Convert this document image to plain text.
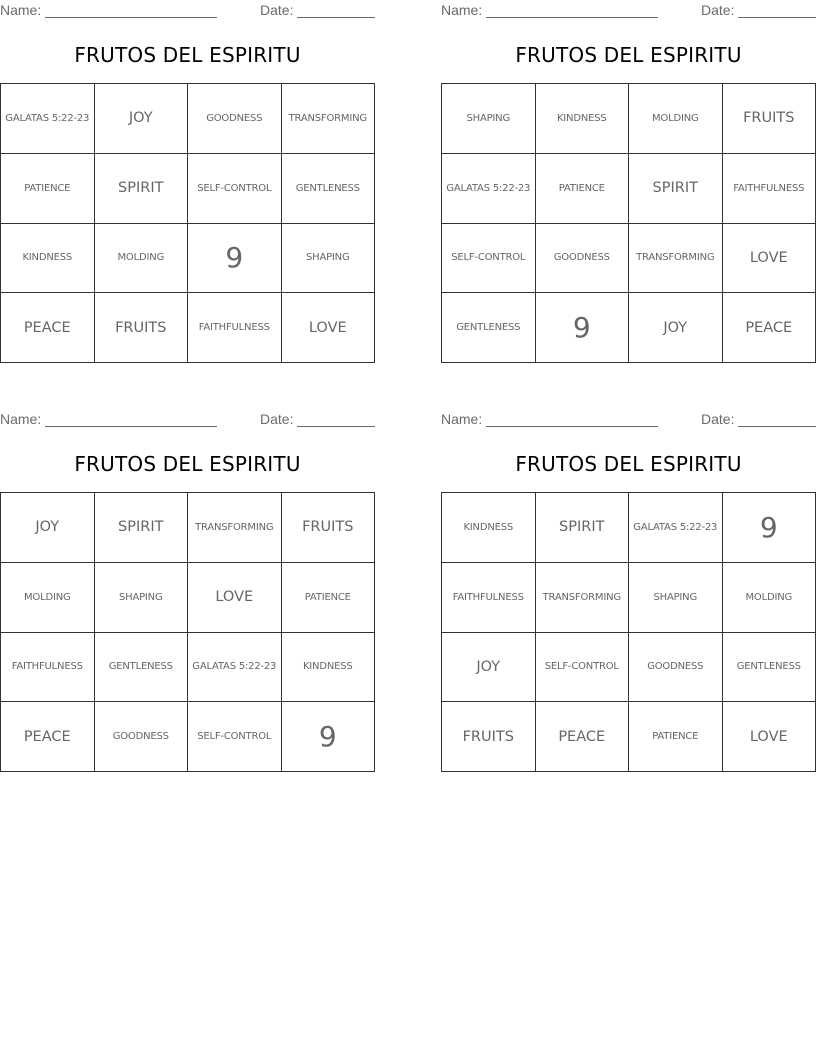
Name:	Date:
FRUTOS DEL ESPIRITU
GALATAS 5:22-23	JOY	GOODNESS	TRANSFORMING
PATIENCE	SPIRIT	SELF-CONTROL	GENTLENESS
KINDNESS	MOLDING	9	SHAPING
PEACE	FRUITS	FAITHFULNESS	LOVE
Name:	Date:
FRUTOS DEL ESPIRITU
SHAPING	KINDNESS	MOLDING	FRUITS
GALATAS 5:22-23	PATIENCE	SPIRIT	FAITHFULNESS
SELF-CONTROL	GOODNESS	TRANSFORMING	LOVE
GENTLENESS	9	JOY	PEACE
Name:	Date:
FRUTOS DEL ESPIRITU
JOY	SPIRIT	TRANSFORMING	FRUITS
MOLDING	SHAPING	LOVE	PATIENCE
FAITHFULNESS	GENTLENESS	GALATAS 5:22-23	KINDNESS
PEACE	GOODNESS	SELF-CONTROL	9
Name:	Date:
FRUTOS DEL ESPIRITU
KINDNESS	SPIRIT	GALATAS 5:22-23	9
FAITHFULNESS	TRANSFORMING	SHAPING	MOLDING
JOY	SELF-CONTROL	GOODNESS	GENTLENESS
FRUITS	PEACE	PATIENCE	LOVE
